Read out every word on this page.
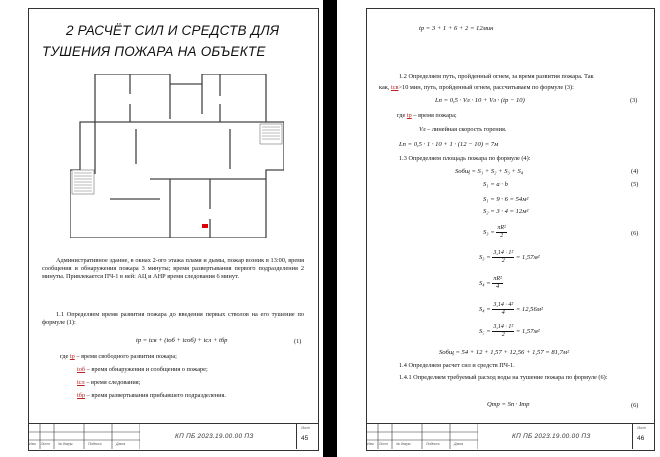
2 РАСЧЁТ СИЛ И СРЕДСТВ ДЛЯ
ТУШЕНИЯ ПОЖАРА НА ОБЪЕКТЕ
Административное здание, в окнах 2-ого этажа пламя и дымы, пожар возник в 13:00, время сообщения и обнаружения пожара 3 минуты; время развертывания первого подразделения 2 минуты. Привлекается ПЧ-1 в ней: АЦ и АНР время следования 6 минут.
1.1 Определяем время развития пожара до введения первых стволов на его тушение по формуле (1):
tр = tсв + (tоб + tсоб) + tсл + tбр	(1)
где tр – время свободного развития пожара;
tоб – время обнаружения и сообщения о пожаре;
tсл – время следования;
tбр – время развертывания прибывшего подразделения.
Изм. Лист № докум.	Подпись	Дата
КП ПБ 2023.19.00.00 ПЗ
Лист
45
tр = 3 + 1 + 6 + 2 = 12мин
1.2 Определяем путь, пройденный огнем, за время развития пожара. Так
как, tсв>10 мин, путь, пройденный огнем, рассчитываем по формуле (3):
Ln = 0,5 ∙ Vл ∙ 10 + Vл ∙ (tр − 10)	(3)
где tр – время пожара;
Vл – линейная скорость горения.
Ln = 0,5 ∙ 1 ∙ 10 + 1 ∙ (12 − 10) = 7м
1.3 Определяем площадь пожара по формуле (4):
Sобщ = S₁ + S₂ + S₃ + S₄	(4)
S₁ = a ∙ b	(5)
S₁ = 9 ∙ 6 = 54м²
S₂ = 3 ∙ 4 = 12м²
$S_3 = \frac{\text{πR²}}{2}$	(6)
$S_3 = \frac{\text{3,14 ∙ 1²}}{2} = 1,57м^2$
$S_4 = \frac{\text{πR²}}{4}$
$S_4 = \frac{\text{3,14 ∙ 4²}}{4} = 12,56м^2$
$S_5 = \frac{\text{3,14 ∙ 1²}}{2} = 1,57м^2$
Sобщ = 54 + 12 + 1,57 + 12,56 + 1,57 = 81,7м²
1.4 Определяем расчет сил и средств ПЧ-1.
1.4.1 Определяем требуемый расход воды на тушение пожара по формуле (6):
Qтр = Sп ∙ Iтр	(6)
Изм. Лист № докум.	Подпись	Дата
КП ПБ 2023.19.00.00 ПЗ
Лист
46
